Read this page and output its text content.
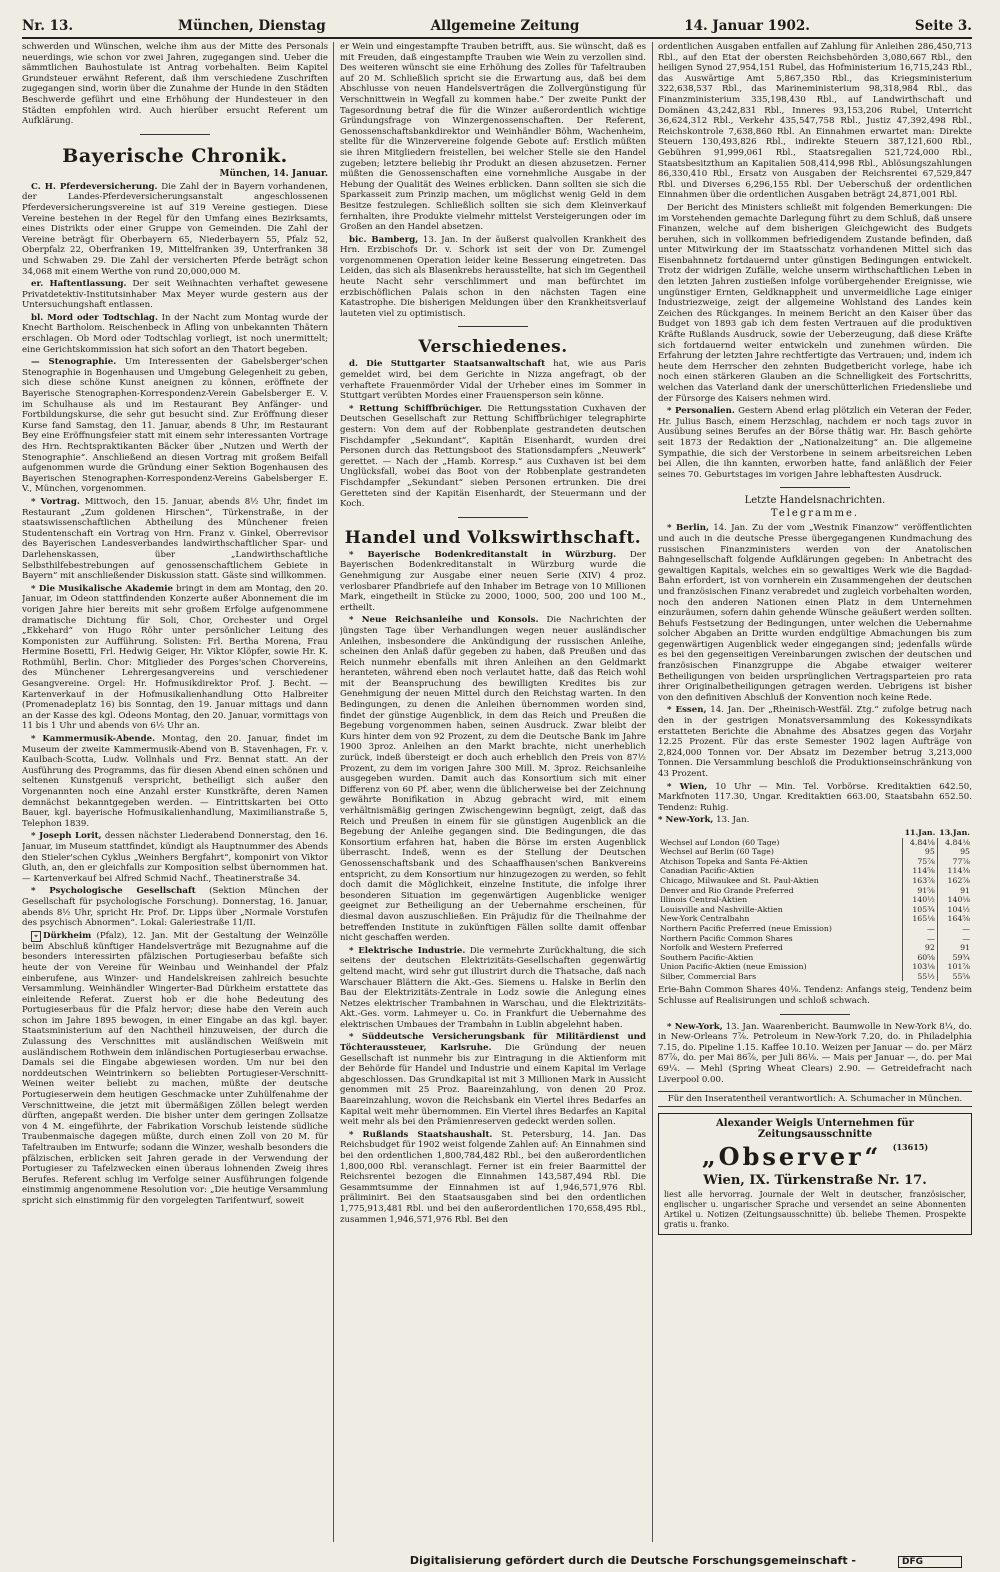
Nr. 13.	München, Dienstag	Allgemeine Zeitung	14. Januar 1902.	Seite 3.

schwerden und Wünschen, welche ihm aus der Mitte des Personals neuerdings, wie schon vor zwei Jahren, zugegangen sind. Ueber die sämmtlichen Bauhostulate ist Antrag vorbehalten. Beim Kapitel Grundsteuer erwähnt Referent, daß ihm verschiedene Zuschriften zugegangen sind, worin über die Zunahme der Hunde in den Städten Beschwerde geführt und eine Erhöhung der Hundesteuer in den Städten empfohlen wird. Auch hierüber ersucht Referent um Aufklärung.

Bayerische Chronik.
München, 14. Januar.

C. H. Pferdeversicherung. Die Zahl der in Bayern vorhandenen, der Landes-Pferdeversicherungsanstalt angeschlossenen Pferdeversicherungsvereine ist auf 319 Vereine gestiegen. Diese Vereine bestehen in der Regel für den Umfang eines Bezirksamts, eines Distrikts oder einer Gruppe von Gemeinden. Die Zahl der Vereine beträgt für Oberbayern 65, Niederbayern 55, Pfalz 52, Oberpfalz 22, Oberfranken 19, Mittelfranken 39, Unterfranken 38 und Schwaben 29. Die Zahl der versicherten Pferde beträgt schon 34,068 mit einem Werthe von rund 20,000,000 M.

er. Haftentlassung. Der seit Weihnachten verhaftet gewesene Privatdetektiv-Institutsinhaber Max Meyer wurde gestern aus der Untersuchungshaft entlassen.

bl. Mord oder Todtschlag. In der Nacht zum Montag wurde der Knecht Bartholom. Reischenbeck in Afling von unbekannten Thätern erschlagen. Ob Mord oder Todtschlag vorliegt, ist noch unermittelt; eine Gerichtskommission hat sich sofort an den Thatort begeben.

— Stenographie. Um Interessenten der Gabelsberger'schen Stenographie in Bogenhausen und Umgebung Gelegenheit zu geben, sich diese schöne Kunst aneignen zu können, eröffnete der Bayerische Stenographen-Korrespondenz-Verein Gabelsberger E. V. im Schulhause als und im Restaurant Bey Anfänger- und Fortbildungskurse, die sehr gut besucht sind. Zur Eröffnung dieser Kurse fand Samstag, den 11. Januar, abends 8 Uhr, im Restaurant Bey eine Eröffnungsfeier statt mit einem sehr interessanten Vortrage des Hrn. Rechtspraktikanten Bäcker über „Nutzen und Werth der Stenographie“. Anschließend an diesen Vortrag mit großem Beifall aufgenommen wurde die Gründung einer Sektion Bogenhausen des Bayerischen Stenographen-Korrespondenz-Vereins Gabelsberger E. V., München, vorgenommen.

* Vortrag. Mittwoch, den 15. Januar, abends 8½ Uhr, findet im Restaurant „Zum goldenen Hirschen“, Türkenstraße, in der staatswissenschaftlichen Abtheilung des Münchener freien Studentenschaft ein Vortrag von Hrn. Franz v. Ginkel, Oberrevisor des Bayerischen Landesverbandes landwirthschaftlicher Spar- und Darlehenskassen, über „Landwirthschaftliche Selbsthilfebestrebungen auf genossenschaftlichem Gebiete in Bayern“ mit anschließender Diskussion statt. Gäste sind willkommen.

* Die Musikalische Akademie bringt in dem am Montag, den 20. Januar, im Odeon stattfindenden Konzerte außer Abonnement die im vorigen Jahre hier bereits mit sehr großem Erfolge aufgenommene dramatische Dichtung für Soli, Chor, Orchester und Orgel „Ekkehard“ von Hugo Röhr unter persönlicher Leitung des Komponisten zur Aufführung. Solisten: Frl. Bertha Morena, Frau Hermine Bosetti, Frl. Hedwig Geiger, Hr. Viktor Klöpfer, sowie Hr. K. Rothmühl, Berlin. Chor: Mitglieder des Porges'schen Chorvereins, des Münchener Lehrergesangvereins und verschiedener Gesangvereine. Orgel: Hr. Hofmusikdirektor Prof. J. Becht. — Kartenverkauf in der Hofmusikalienhandlung Otto Halbreiter (Promenadeplatz 16) bis Sonntag, den 19. Januar mittags und dann an der Kasse des kgl. Odeons Montag, den 20. Januar, vormittags von 11 bis 1 Uhr und abends von 6½ Uhr an.

* Kammermusik-Abende. Montag, den 20. Januar, findet im Museum der zweite Kammermusik-Abend von B. Stavenhagen, Fr. v. Kaulbach-Scotta, Ludw. Vollnhals und Frz. Bennat statt. An der Ausführung des Programms, das für diesen Abend einen schönen und seltenen Kunstgenuß verspricht, betheiligt sich außer den Vorgenannten noch eine Anzahl erster Kunstkräfte, deren Namen demnächst bekanntgegeben werden. — Eintrittskarten bei Otto Bauer, kgl. bayerische Hofmusikalienhandlung, Maximilianstraße 5, Telephon 1839.

* Joseph Lorit, dessen nächster Liederabend Donnerstag, den 16. Januar, im Museum stattfindet, kündigt als Hauptnummer des Abends den Stieler'schen Cyklus „Weinhers Bergfahrt“, komponirt von Viktor Gluth, an, den er gleichfalls zur Komposition selbst übernommen hat. — Kartenverkauf bei Alfred Schmid Nachf., Theatinerstraße 34.

* Psychologische Gesellschaft (Sektion München der Gesellschaft für psychologische Forschung). Donnerstag, 16. Januar, abends 8½ Uhr, spricht Hr. Prof. Dr. Lipps über „Normale Vorstufen des psychisch Abnormen“. Lokal: Galeriestraße 11/II.

⌖ Dürkheim (Pfalz), 12. Jan. Mit der Gestaltung der Weinzölle beim Abschluß künftiger Handelsverträge mit Bezugnahme auf die besonders interessirten pfälzischen Portugieserbau befaßte sich heute der von Vereine für Weinbau und Weinhandel der Pfalz einberufene, aus Winzer- und Handelskreisen zahlreich besuchte Versammlung. Weinhändler Wingerter-Bad Dürkheim erstattete das einleitende Referat. Zuerst hob er die hohe Bedeutung des Portugieserbaus für die Pfalz hervor; diese habe den Verein auch schon im Jahre 1895 bewogen, in einer Eingabe an das kgl. bayer. Staatsministerium auf den Nachtheil hinzuweisen, der durch die Zulassung des Verschnittes mit ausländischen Weißwein mit ausländischem Rothwein dem inländischen Portugieserbau erwachse. Damals sei die Eingabe abgewiesen worden. Um nur bei den norddeutschen Weintrinkern so beliebten Portugieser-Verschnitt-Weinen weiter beliebt zu machen, müßte der deutsche Portugieserwein dem heutigen Geschmacke unter Zuhülfenahme der Verschnittweine, die jetzt mit übermäßigen Zöllen belegt werden dürften, angepaßt werden. Die bisher unter dem geringen Zollsatze von 4 M. eingeführte, der Fabrikation Vorschub leistende südliche Traubenmaische dagegen müßte, durch einen Zoll von 20 M. für Tafeltrauben im Entwurfe; sodann die Winzer, weshalb besonders die pfälzischen, erblicken seit Jahren gerade in der Verwendung der Portugieser zu Tafelzwecken einen überaus lohnenden Zweig ihres Berufes. Referent schlug im Verfolge seiner Ausführungen folgende einstimmig angenommene Resolution vor: „Die heutige Versammlung spricht sich einstimmig für den vorgelegten Tarifentwurf, soweit

er Wein und eingestampfte Trauben betrifft, aus. Sie wünscht, daß es mit Freuden, daß eingestampfte Trauben wie Wein zu verzollen sind. Des weiteren wünscht sie eine Erhöhung des Zolles für Tafeltrauben auf 20 M. Schließlich spricht sie die Erwartung aus, daß bei dem Abschlusse von neuen Handelsverträgen die Zollvergünstigung für Verschnittwein in Wegfall zu kommen habe.“ Der zweite Punkt der Tagesordnung betraf die für die Winzer außerordentlich wichtige Gründungsfrage von Winzergenossenschaften. Der Referent, Genossenschaftsbankdirektor und Weinhändler Böhm, Wachenheim, stellte für die Winzervereine folgende Gebote auf: Erstlich müßten sie ihren Mitgliedern freistellen, bei welcher Stelle sie den Handel zugeben; letztere beliebig ihr Produkt an diesen abzusetzen. Ferner müßten die Genossenschaften eine vornehmliche Ausgabe in der Hebung der Qualität des Weines erblicken. Dann sollten sie sich die Sparkasseit zum Prinzip machen, um möglichst wenig Geld in dem Besitze festzulegen. Schließlich sollten sie sich dem Kleinverkauf fernhalten, ihre Produkte vielmehr mittelst Versteigerungen oder im Großen an den Handel absetzen.

bic. Bamberg, 13. Jan. In der äußerst qualvollen Krankheit des Hrn. Erzbischofs Dr. v. Schork ist seit der von Dr. Zumengel vorgenommenen Operation leider keine Besserung eingetreten. Das Leiden, das sich als Blasenkrebs herausstellte, hat sich im Gegentheil heute Nacht sehr verschlimmert und man befürchtet im erzbischöflichen Palais schon in den nächsten Tagen eine Katastrophe. Die bisherigen Meldungen über den Krankheitsverlauf lauteten viel zu optimistisch.

Verschiedenes.

d. Die Stuttgarter Staatsanwaltschaft hat, wie aus Paris gemeldet wird, bei dem Gerichte in Nizza angefragt, ob der verhaftete Frauenmörder Vidal der Urheber eines im Sommer in Stuttgart verübten Mordes einer Frauensperson sein könne.

* Rettung Schiffbrüchiger. Die Rettungsstation Cuxhaven der Deutschen Gesellschaft zur Rettung Schiffbrüchiger telegraphirte gestern: Von dem auf der Robbenplate gestrandeten deutschen Fischdampfer „Sekundant“, Kapitän Eisenhardt, wurden drei Personen durch das Rettungsboot des Stationsdampfers „Neuwerk“ gerettet. — Nach der „Hamb. Korresp.“ aus Cuxhaven ist bei dem Unglücksfall, wobei das Boot von der Robbenplate gestrandeten Fischdampfer „Sekundant“ sieben Personen ertrunken. Die drei Geretteten sind der Kapitän Eisenhardt, der Steuermann und der Koch.

Handel und Volkswirthschaft.

* Bayerische Bodenkreditanstalt in Würzburg. Der Bayerischen Bodenkreditanstalt in Würzburg wurde die Genehmigung zur Ausgabe einer neuen Serie (XIV) 4 proz. verlosbarer Pfandbriefe auf den Inhaber im Betrage von 10 Millionen Mark, eingetheilt in Stücke zu 2000, 1000, 500, 200 und 100 M., ertheilt.

* Neue Reichsanleihe und Konsols. Die Nachrichten der jüngsten Tage über Verhandlungen wegen neuer ausländischer Anleihen, insbesondere die Ankündigung der russischen Anleihe, scheinen den Anlaß dafür gegeben zu haben, daß Preußen und das Reich nunmehr ebenfalls mit ihren Anleihen an den Geldmarkt heranteten, während eben noch verlautet hatte, daß das Reich wohl mit der Beanspruchung des bewilligten Kredites bis zur Genehmigung der neuen Mittel durch den Reichstag warten. In den Bedingungen, zu denen die Anleihen übernommen worden sind, findet der günstige Augenblick, in dem das Reich und Preußen die Begebung vorgenommen haben, seinen Ausdruck. Zwar bleibt der Kurs hinter dem von 92 Prozent, zu dem die Deutsche Bank im Jahre 1900 3proz. Anleihen an den Markt brachte, nicht unerheblich zurück, indeß übersteigt er doch auch erheblich den Preis von 87½ Prozent, zu dem im vorigen Jahre 300 Mill. M. 3proz. Reichsanleihe ausgegeben wurden. Damit auch das Konsortium sich mit einer Differenz von 60 Pf. aber, wenn die üblicherweise bei der Zeichnung gewährte Bonifikation in Abzug gebracht wird, mit einem verhältnismäßig geringen Zwischengewinn begnügt, zeigt, daß das Reich und Preußen in einem für sie günstigen Augenblick an die Begebung der Anleihe gegangen sind. Die Bedingungen, die das Konsortium erfahren hat, haben die Börse im ersten Augenblick überrascht. Indeß, wenn es der Stellung der Deutschen Genossenschaftsbank und des Schaaffhausen'schen Bankvereins entspricht, zu dem Konsortium nur hinzugezogen zu werden, so fehlt doch damit die Möglichkeit, einzelne Institute, die infolge ihrer besonderen Situation im gegenwärtigen Augenblicke weniger geeignet zur Betheiligung an der Uebernahme erscheinen, für diesmal davon auszuschließen. Ein Präjudiz für die Theilnahme der betreffenden Institute in zukünftigen Fällen sollte damit offenbar nicht geschaffen werden.

* Elektrische Industrie. Die vermehrte Zurückhaltung, die sich seitens der deutschen Elektrizitäts-Gesellschaften gegenwärtig geltend macht, wird sehr gut illustrirt durch die Thatsache, daß nach Warschauer Blättern die Akt.-Ges. Siemens u. Halske in Berlin den Bau der Elektrizitäts-Zentrale in Lodz sowie die Anlegung eines Netzes elektrischer Trambahnen in Warschau, und die Elektrizitäts-Akt.-Ges. vorm. Lahmeyer u. Co. in Frankfurt die Uebernahme des elektrischen Umbaues der Trambahn in Lublin abgelehnt haben.

* Süddeutsche Versicherungsbank für Militärdienst und Töchteraussteuer, Karlsruhe. Die Gründung der neuen Gesellschaft ist nunmehr bis zur Eintragung in die Aktienform mit der Behörde für Handel und Industrie und einem Kapital im Verlage abgeschlossen. Das Grundkapital ist mit 3 Millionen Mark in Aussicht genommen mit 25 Proz. Baareinzahlung, von denen 20 Proz. Baareinzahlung, wovon die Reichsbank ein Viertel ihres Bedarfes an Kapital weit mehr übernommen. Ein Viertel ihres Bedarfes an Kapital weit mehr als bei den Prämienreserven gedeckt werden sollen.

* Rußlands Staatshaushalt. St. Petersburg, 14. Jan. Das Reichsbudget für 1902 weist folgende Zahlen auf: An Einnahmen sind bei den ordentlichen 1,800,784,482 Rbl., bei den außerordentlichen 1,800,000 Rbl. veranschlagt. Ferner ist ein freier Baarmittel der Reichsrentei bezogen die Einnahmen 143,587,494 Rbl. Die Gesammtsumme der Einnahmen ist auf 1,946,571,976 Rbl. präliminirt. Bei den Staatsausgaben sind bei den ordentlichen 1,775,913,481 Rbl. und bei den außerordentlichen 170,658,495 Rbl., zusammen 1,946,571,976 Rbl. Bei den

ordentlichen Ausgaben entfallen auf Zahlung für Anleihen 286,450,713 Rbl., auf den Etat der obersten Reichsbehörden 3,080,667 Rbl., den heiligen Synod 27,954,151 Rubel, das Hofministerium 16,715,243 Rbl., das Auswärtige Amt 5,867,350 Rbl., das Kriegsministerium 322,638,537 Rbl., das Marineministerium 98,318,984 Rbl., das Finanzministerium 335,198,430 Rbl., auf Landwirthschaft und Domänen 43,242,831 Rbl., Inneres 93,153,206 Rubel, Unterricht 36,624,312 Rbl., Verkehr 435,547,758 Rbl., Justiz 47,392,498 Rbl., Reichskontrole 7,638,860 Rbl. An Einnahmen erwartet man: Direkte Steuern 130,493,826 Rbl., indirekte Steuern 387,121,600 Rbl., Gebühren 91,999,061 Rbl., Staatsregalien 521,724,000 Rbl., Staatsbesitzthum an Kapitalien 508,414,998 Rbl., Ablösungszahlungen 86,330,410 Rbl., Ersatz von Ausgaben der Reichsrentei 67,529,847 Rbl. und Diverses 6,296,155 Rbl. Der Ueberschuß der ordentlichen Einnahmen über die ordentlichen Ausgaben beträgt 24,871,001 Rbl.

Der Bericht des Ministers schließt mit folgenden Bemerkungen: Die im Vorstehenden gemachte Darlegung führt zu dem Schluß, daß unsere Finanzen, welche auf dem bisherigen Gleichgewicht des Budgets beruhen, sich in vollkommen befriedigendem Zustande befinden, daß unter Mitwirkung der im Staatsschatz vorhandenen Mittel sich das Eisenbahnnetz fortdauernd unter günstigen Bedingungen entwickelt. Trotz der widrigen Zufälle, welche unserm wirthschaftlichen Leben in den letzten Jahren zustießen infolge vorübergehender Ereignisse, wie ungünstiger Ernten, Geldknappheit und unvermeidliche Lage einiger Industriezweige, zeigt der allgemeine Wohlstand des Landes kein Zeichen des Rückganges. In meinem Bericht an den Kaiser über das Budget von 1893 gab ich dem festen Vertrauen auf die produktiven Kräfte Rußlands Ausdruck, sowie der Ueberzeugung, daß diese Kräfte sich fortdauernd weiter entwickeln und zunehmen würden. Die Erfahrung der letzten Jahre rechtfertigte das Vertrauen; und, indem ich heute dem Herrscher den zehnten Budgetbericht vorlege, habe ich noch einen stärkeren Glauben an die Schnelligkeit des Fortschritts, welchen das Vaterland dank der unerschütterlichen Friedensliebe und der Fürsorge des Kaisers nehmen wird.

* Personalien. Gestern Abend erlag plötzlich ein Veteran der Feder, Hr. Julius Basch, einem Herzschlag, nachdem er noch tags zuvor in Ausübung seines Berufes an der Börse thätig war. Hr. Basch gehörte seit 1873 der Redaktion der „Nationalzeitung“ an. Die allgemeine Sympathie, die sich der Verstorbene in seinem arbeitsreichen Leben bei Allen, die ihn kannten, erworben hatte, fand anläßlich der Feier seines 70. Geburtstages im vorigen Jahre lebhaftesten Ausdruck.

Letzte Handelsnachrichten.
Telegramme.

* Berlin, 14. Jan. Zu der vom „Westnik Finanzow“ veröffentlichten und auch in die deutsche Presse übergegangenen Kundmachung des russischen Finanzministers werden von der Anatolischen Bahngesellschaft folgende Aufklärungen gegeben: In Anbetracht des gewaltigen Kapitals, welches ein so gewaltiges Werk wie die Bagdad-Bahn erfordert, ist von vornherein ein Zusammengehen der deutschen und französischen Finanz verabredet und zugleich vorbehalten worden, noch den anderen Nationen einen Platz in dem Unternehmen einzuräumen, sofern dahin gehende Wünsche geäußert werden sollten. Behufs Festsetzung der Bedingungen, unter welchen die Uebernahme solcher Abgaben an Dritte wurden endgültige Abmachungen bis zum gegenwärtigen Augenblick weder eingegangen sind; jedenfalls würde es bei den gegenseitigen Vereinbarungen zwischen der deutschen und französischen Finanzgruppe die Abgabe etwaiger weiterer Betheiligungen von beiden ursprünglichen Vertragsparteien pro rata ihrer Originalbetheiligungen getragen werden. Uebrigens ist bisher von den definitiven Abschluß der Konvention noch keine Rede.

* Essen, 14. Jan. Der „Rheinisch-Westfäl. Ztg.“ zufolge betrug nach den in der gestrigen Monatsversammlung des Kokessyndikats erstatteten Berichte die Abnahme des Absatzes gegen das Vorjahr 12.25 Prozent. Für das erste Semester 1902 lagen Aufträge von 2,824,000 Tonnen vor. Der Absatz im Dezember betrug 3,213,000 Tonnen. Die Versammlung beschloß die Produktionseinschränkung von 43 Prozent.

* Wien, 10 Uhr — Min. Tel. Vorbörse. Kreditaktien 642.50, Markfnoten 117.30, Ungar. Kreditaktien 663.00, Staatsbahn 652.50. Tendenz: Ruhig.

* New-York, 13. Jan.

	11.Jan.	13.Jan.
Wechsel auf London (60 Tage)	4.84⅛	4.84⅛
Wechsel auf Berlin (60 Tage)	95	95
Atchison Topeka and Santa Fé-Aktien	75⅞	77⅞
Canadian Pacific-Aktien	114⅝	114⅜
Chicago, Milwaukee and St. Paul-Aktien	163⅞	162⅞
Denver and Rio Grande Preferred	91⅝	91
Illinois Central-Aktien	140½	140⅛
Louisville and Nashville-Aktien	105¾	104½
New-York Centralbahn	165⅛	164⅝
Northern Pacific Preferred (neue Emission)	—	—
Northern Pacific Common Shares	—	—
Norfolk and Western Preferred	92	91
Southern Pacific-Aktien	60⅝	59¾
Union Pacific-Aktien (neue Emission)	103⅛	101⅞
Silber, Commercial Bars	55½	55⅝

Erie-Bahn Common Shares 40⅛. Tendenz: Anfangs steig, Tendenz beim Schlusse auf Realisirungen und schloß schwach.

* New-York, 13. Jan. Waarenbericht. Baumwolle in New-York 8¼, do. in New-Orleans 7⅞. Petroleum in New-York 7.20, do. in Philadelphia 7.15, do. Pipeline 1.15. Kaffee 10.10. Weizen per Januar — do. per März 87⅞, do. per Mai 86⅞, per Juli 86⅛. — Mais per Januar —, do. per Mai 69¼. — Mehl (Spring Wheat Clears) 2.90. — Getreidefracht nach Liverpool 0.00.

Für den Inseratentheil verantwortlich: A. Schumacher in München.
Alexander Weigls Unternehmen für Zeitungsausschnitte
„Observer“ $^{(13615)}$
Wien, IX. Türkenstraße Nr. 17.
liest alle hervorrag. Journale der Welt in deutscher, französischer, englischer u. ungarischer Sprache und versendet an seine Abonnenten Artikel u. Notizen (Zeitungsausschnitte) üb. beliebe Themen. Prospekte gratis u. franko.
Digitalisierung gefördert durch die Deutsche Forschungsgemeinschaft -	DFG
